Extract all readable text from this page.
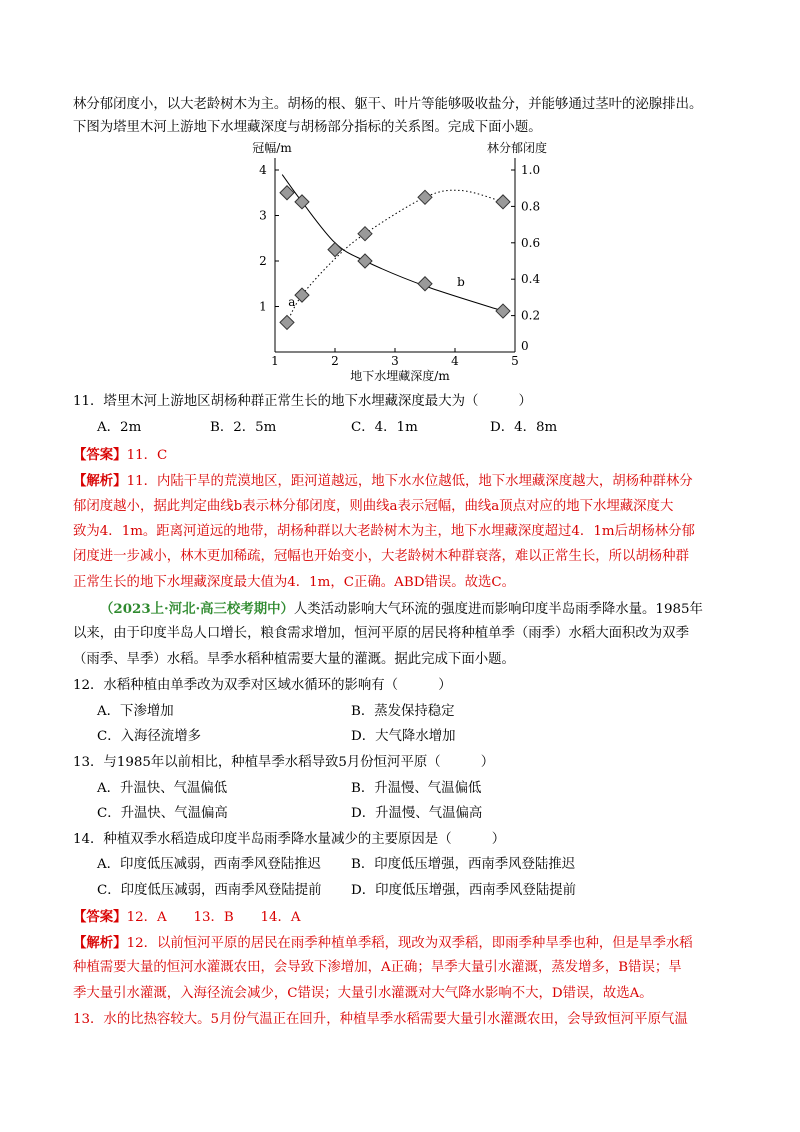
林分郁闭度小，以大老龄树木为主。胡杨的根、躯干、叶片等能够吸收盐分，并能够通过茎叶的泌腺排出。
下图为塔里木河上游地下水埋藏深度与胡杨部分指标的关系图。完成下面小题。
1	2	3	4	5
1
2
3
4
0
0.2
0.4
0.6
0.8
1.0
冠幅/m	林分郁闭度
地下水埋藏深度/m
a
b
11．塔里木河上游地区胡杨种群正常生长的地下水埋藏深度最大为（　　　）
A．2m	B．2．5m	C．4．1m	D．4．8m
【答案】11．C
【解析】11．内陆干旱的荒漠地区，距河道越远，地下水水位越低，地下水埋藏深度越大，胡杨种群林分
郁闭度越小，据此判定曲线b表示林分郁闭度，则曲线a表示冠幅，曲线a顶点对应的地下水埋藏深度大
致为4．1m。距离河道远的地带，胡杨种群以大老龄树木为主，地下水埋藏深度超过4．1m后胡杨林分郁
闭度进一步减小，林木更加稀疏，冠幅也开始变小，大老龄树木种群衰落，难以正常生长，所以胡杨种群
正常生长的地下水埋藏深度最大值为4．1m，C正确。ABD错误。故选C。
（2023上·河北·高三校考期中）人类活动影响大气环流的强度进而影响印度半岛雨季降水量。1985年
以来，由于印度半岛人口增长，粮食需求增加，恒河平原的居民将种植单季（雨季）水稻大面积改为双季
（雨季、旱季）水稻。旱季水稻种植需要大量的灌溉。据此完成下面小题。
12．水稻种植由单季改为双季对区域水循环的影响有（　　　）
A．下渗增加	B．蒸发保持稳定
C．入海径流增多	D．大气降水增加
13．与1985年以前相比，种植旱季水稻导致5月份恒河平原（　　　）
A．升温快、气温偏低	B．升温慢、气温偏低
C．升温快、气温偏高	D．升温慢、气温偏高
14．种植双季水稻造成印度半岛雨季降水量减少的主要原因是（　　　）
A．印度低压减弱，西南季风登陆推迟 B．印度低压增强，西南季风登陆推迟
C．印度低压减弱，西南季风登陆提前 D．印度低压增强，西南季风登陆提前
【答案】12．A　　13．B　　14．A
【解析】12．以前恒河平原的居民在雨季种植单季稻，现改为双季稻，即雨季种旱季也种，但是旱季水稻
种植需要大量的恒河水灌溉农田，会导致下渗增加，A正确；旱季大量引水灌溉，蒸发增多，B错误；旱
季大量引水灌溉，入海径流会减少，C错误；大量引水灌溉对大气降水影响不大，D错误，故选A。
13．水的比热容较大。5月份气温正在回升，种植旱季水稻需要大量引水灌溉农田，会导致恒河平原气温
